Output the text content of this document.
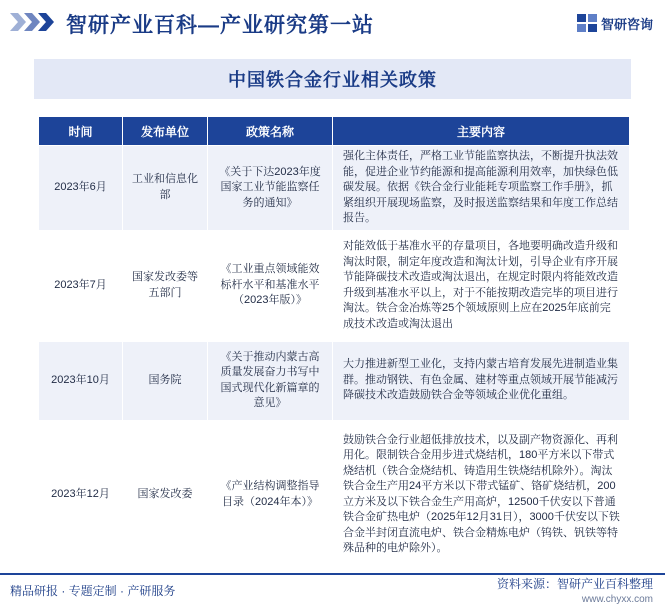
智研产业百科—产业研究第一站	智研咨询
中国铁合金行业相关政策
时间	发布单位	政策名称	主要内容
2023年6月	工业和信息化部	《关于下达2023年度国家工业节能监察任务的通知》	强化主体责任，严格工业节能监察执法，不断提升执法效能，促进企业节约能源和提高能源利用效率，加快绿色低碳发展。依据《铁合金行业能耗专项监察工作手册》，抓紧组织开展现场监察，及时报送监察结果和年度工作总结报告。
2023年7月	国家发改委等五部门	《工业重点领域能效标杆水平和基准水平（2023年版）》	对能效低于基准水平的存量项目，各地要明确改造升级和淘汰时限，制定年度改造和淘汰计划，引导企业有序开展节能降碳技术改造或淘汰退出，在规定时限内将能效改造升级到基准水平以上，对于不能按期改造完毕的项目进行淘汰。铁合金冶炼等25个领域原则上应在2025年底前完成技术改造或淘汰退出
2023年10月	国务院	《关于推动内蒙古高质量发展奋力书写中国式现代化新篇章的意见》	大力推进新型工业化，支持内蒙古培育发展先进制造业集群。推动钢铁、有色金属、建材等重点领域开展节能减污降碳技术改造鼓励铁合金等领域企业优化重组。
2023年12月	国家发改委	《产业结构调整指导目录（2024年本）》	鼓励铁合金行业超低排放技术，以及副产物资源化、再利用化。限制铁合金用步进式烧结机，180平方米以下带式烧结机（铁合金烧结机、铸造用生铁烧结机除外）。淘汰铁合金生产用24平方米以下带式锰矿、铬矿烧结机，200立方米及以下铁合金生产用高炉，12500千伏安以下普通铁合金矿热电炉（2025年12月31日），3000千伏安以下铁合金半封闭直流电炉、铁合金精炼电炉（钨铁、钒铁等特殊品种的电炉除外）。
精品研报 · 专题定制 · 产研服务	资料来源：智研产业百科整理
www.chyxx.com
